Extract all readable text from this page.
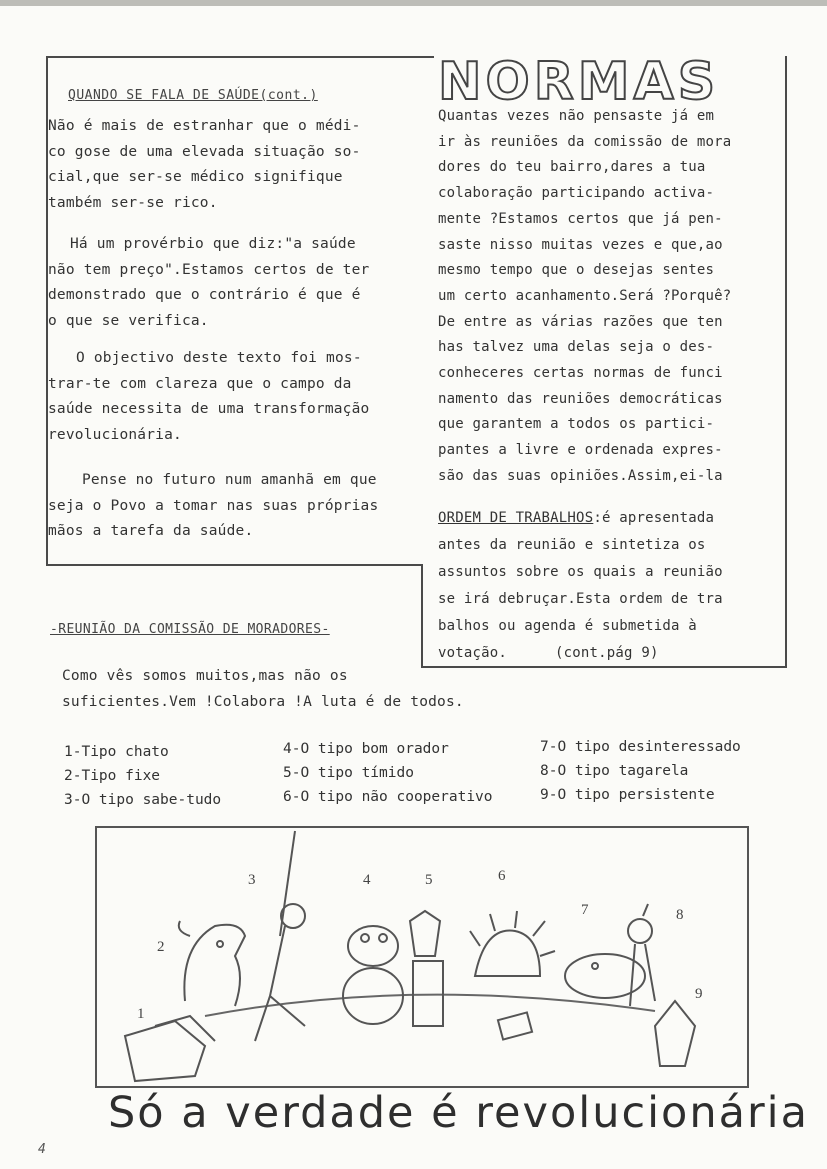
QUANDO SE FALA DE SAÚDE(cont.)
Não é mais de estranhar que o médi-
co gose de uma elevada situação so-
cial,que ser-se médico signifique
também ser-se rico.
Há um provérbio que diz:"a saúde
não tem preço".Estamos certos de ter
demonstrado que o contrário é que é
o que se verifica.
O objectivo deste texto foi mos-
trar-te com clareza que o campo da
saúde necessita de uma transformação
revolucionária.
Pense no futuro num amanhã em que
seja o Povo a tomar nas suas próprias
mãos a tarefa da saúde.
NORMAS
Quantas vezes não pensaste já em
ir às reuniões da comissão de mora
dores do teu bairro,dares a tua
colaboração participando activa-
mente ?Estamos certos que já pen-
saste nisso muitas vezes e que,ao
mesmo tempo que o desejas sentes
um certo acanhamento.Será ?Porquê?
De entre as várias razões que ten
has talvez uma delas seja o des-
conheceres certas normas de funci
namento das reuniões democráticas
que garantem a todos os partici-
pantes a livre e ordenada expres-
são das suas opiniões.Assim,ei-la
ORDEM DE TRABALHOS:é apresentada
antes da reunião e sintetiza os
assuntos sobre os quais a reunião
se irá debruçar.Esta ordem de tra
balhos ou agenda é submetida à
votação.	(cont.pág 9)
-REUNIÃO DA COMISSÃO DE MORADORES-
Como vês somos muitos,mas não os
suficientes.Vem !Colabora !A luta é de todos.
1-Tipo chato
2-Tipo fixe
3-O tipo sabe-tudo
4-O tipo bom orador
5-O tipo tímido
6-O tipo não cooperativo
7-O tipo desinteressado
8-O tipo tagarela
9-O tipo persistente
1
2
3	4	5	6
7	8
9
Só a verdade é revolucionária
4
